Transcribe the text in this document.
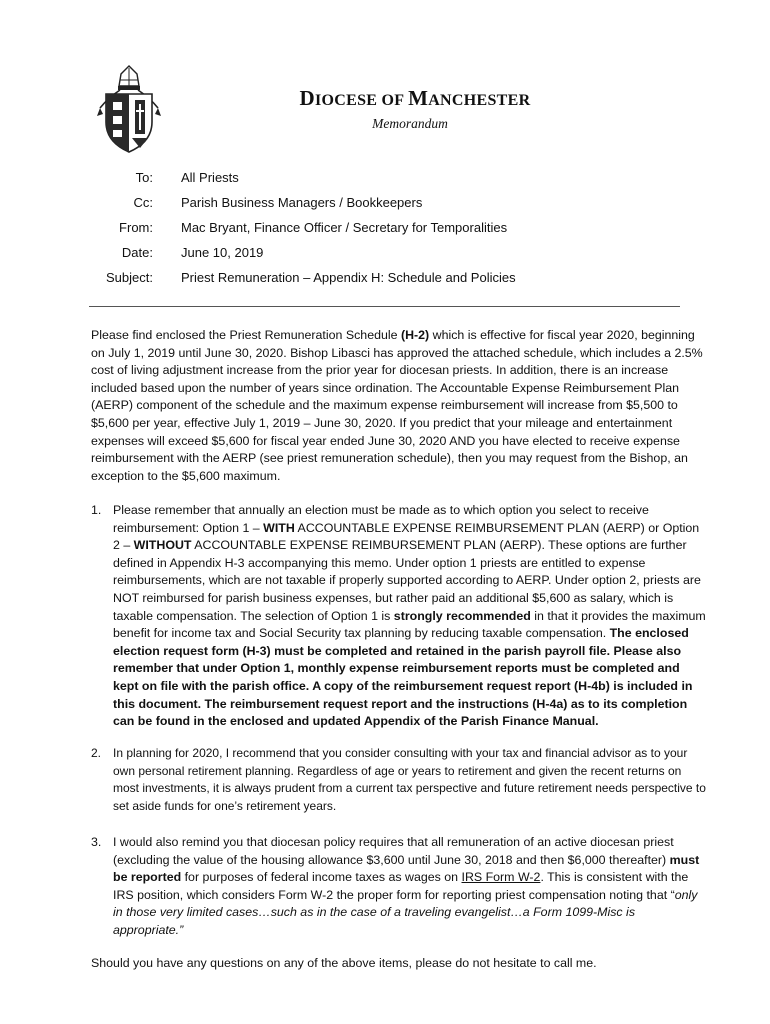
DIOCESE OF MANCHESTER
Memorandum
To: All Priests
Cc: Parish Business Managers / Bookkeepers
From: Mac Bryant, Finance Officer / Secretary for Temporalities
Date: June 10, 2019
Subject: Priest Remuneration – Appendix H: Schedule and Policies
Please find enclosed the Priest Remuneration Schedule (H-2) which is effective for fiscal year 2020, beginning on July 1, 2019 until June 30, 2020. Bishop Libasci has approved the attached schedule, which includes a 2.5% cost of living adjustment increase from the prior year for diocesan priests. In addition, there is an increase included based upon the number of years since ordination. The Accountable Expense Reimbursement Plan (AERP) component of the schedule and the maximum expense reimbursement will increase from $5,500 to $5,600 per year, effective July 1, 2019 – June 30, 2020. If you predict that your mileage and entertainment expenses will exceed $5,600 for fiscal year ended June 30, 2020 AND you have elected to receive expense reimbursement with the AERP (see priest remuneration schedule), then you may request from the Bishop, an exception to the $5,600 maximum.
1. Please remember that annually an election must be made as to which option you select to receive reimbursement: Option 1 – WITH ACCOUNTABLE EXPENSE REIMBURSEMENT PLAN (AERP) or Option 2 – WITHOUT ACCOUNTABLE EXPENSE REIMBURSEMENT PLAN (AERP). These options are further defined in Appendix H-3 accompanying this memo. Under option 1 priests are entitled to expense reimbursements, which are not taxable if properly supported according to AERP. Under option 2, priests are NOT reimbursed for parish business expenses, but rather paid an additional $5,600 as salary, which is taxable compensation. The selection of Option 1 is strongly recommended in that it provides the maximum benefit for income tax and Social Security tax planning by reducing taxable compensation. The enclosed election request form (H-3) must be completed and retained in the parish payroll file. Please also remember that under Option 1, monthly expense reimbursement reports must be completed and kept on file with the parish office. A copy of the reimbursement request report (H-4b) is included in this document. The reimbursement request report and the instructions (H-4a) as to its completion can be found in the enclosed and updated Appendix of the Parish Finance Manual.
2. In planning for 2020, I recommend that you consider consulting with your tax and financial advisor as to your own personal retirement planning. Regardless of age or years to retirement and given the recent returns on most investments, it is always prudent from a current tax perspective and future retirement needs perspective to set aside funds for one’s retirement years.
3. I would also remind you that diocesan policy requires that all remuneration of an active diocesan priest (excluding the value of the housing allowance $3,600 until June 30, 2018 and then $6,000 thereafter) must be reported for purposes of federal income taxes as wages on IRS Form W-2. This is consistent with the IRS position, which considers Form W-2 the proper form for reporting priest compensation noting that “only in those very limited cases…such as in the case of a traveling evangelist…a Form 1099-Misc is appropriate.”
Should you have any questions on any of the above items, please do not hesitate to call me.
